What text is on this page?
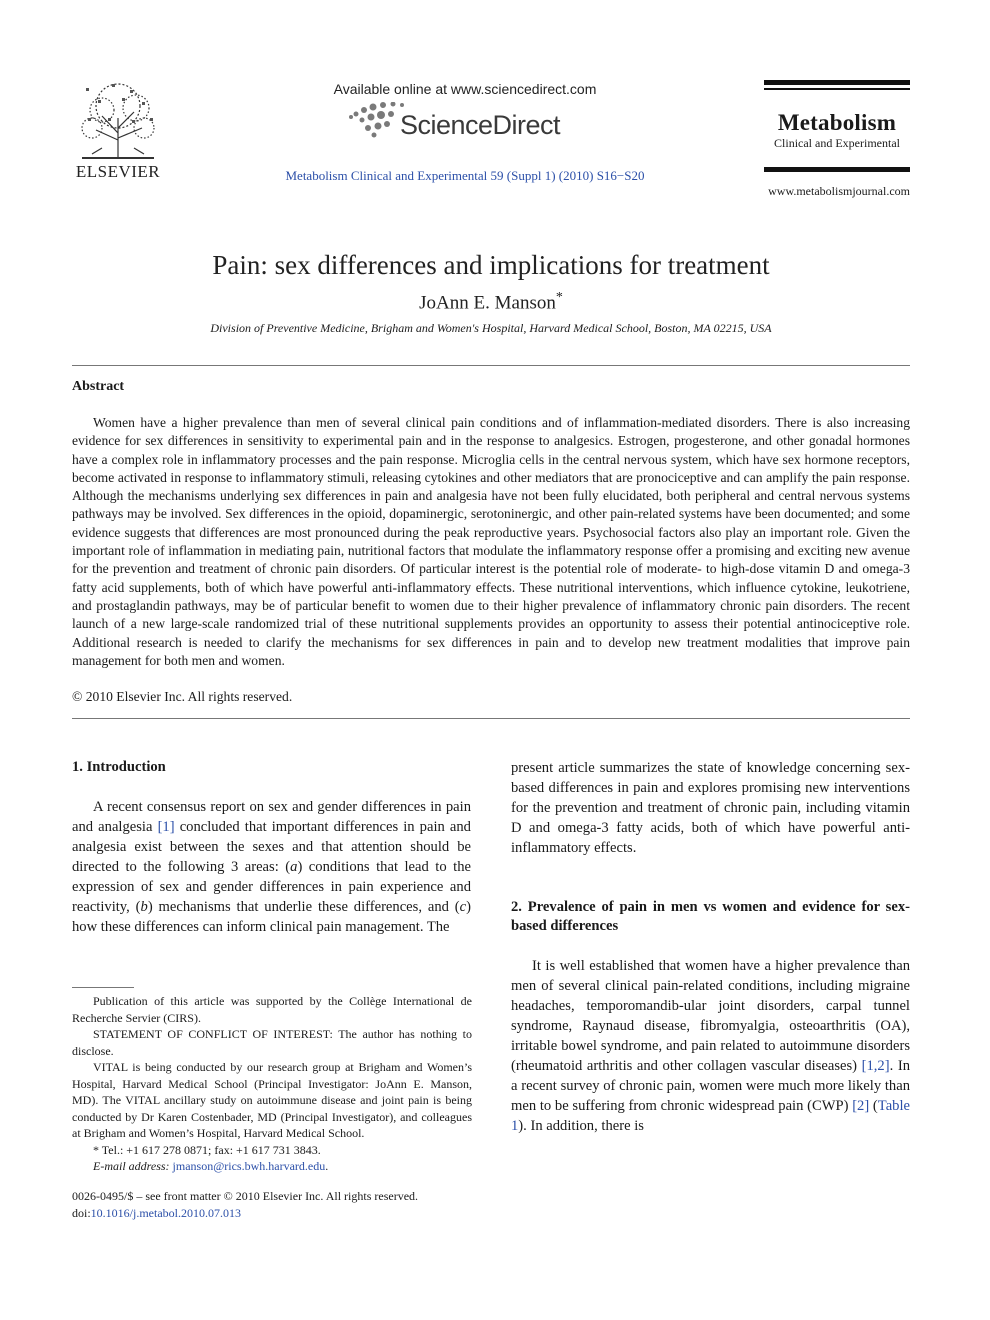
ELSEVIER
Available online at www.sciencedirect.com
ScienceDirect
Metabolism Clinical and Experimental 59 (Suppl 1) (2010) S16−S20
Metabolism
Clinical and Experimental
www.metabolismjournal.com
Pain: sex differences and implications for treatment
JoAnn E. Manson*
Division of Preventive Medicine, Brigham and Women's Hospital, Harvard Medical School, Boston, MA 02215, USA
Abstract
Women have a higher prevalence than men of several clinical pain conditions and of inflammation-mediated disorders. There is also increasing evidence for sex differences in sensitivity to experimental pain and in the response to analgesics. Estrogen, progesterone, and other gonadal hormones have a complex role in inflammatory processes and the pain response. Microglia cells in the central nervous system, which have sex hormone receptors, become activated in response to inflammatory stimuli, releasing cytokines and other mediators that are pronociceptive and can amplify the pain response. Although the mechanisms underlying sex differences in pain and analgesia have not been fully elucidated, both peripheral and central nervous systems pathways may be involved. Sex differences in the opioid, dopaminergic, serotoninergic, and other pain-related systems have been documented; and some evidence suggests that differences are most pronounced during the peak reproductive years. Psychosocial factors also play an important role. Given the important role of inflammation in mediating pain, nutritional factors that modulate the inflammatory response offer a promising and exciting new avenue for the prevention and treatment of chronic pain disorders. Of particular interest is the potential role of moderate- to high-dose vitamin D and omega-3 fatty acid supplements, both of which have powerful anti-inflammatory effects. These nutritional interventions, which influence cytokine, leukotriene, and prostaglandin pathways, may be of particular benefit to women due to their higher prevalence of inflammatory chronic pain disorders. The recent launch of a new large-scale randomized trial of these nutritional supplements provides an opportunity to assess their potential antinociceptive role. Additional research is needed to clarify the mechanisms for sex differences in pain and to develop new treatment modalities that improve pain management for both men and women.
© 2010 Elsevier Inc. All rights reserved.
1. Introduction
A recent consensus report on sex and gender differences in pain and analgesia [1] concluded that important differences in pain and analgesia exist between the sexes and that attention should be directed to the following 3 areas: (a) conditions that lead to the expression of sex and gender differences in pain experience and reactivity, (b) mechanisms that underlie these differences, and (c) how these differences can inform clinical pain management. The

Publication of this article was supported by the Collège International de Recherche Servier (CIRS).

STATEMENT OF CONFLICT OF INTEREST: The author has nothing to disclose.

VITAL is being conducted by our research group at Brigham and Women’s Hospital, Harvard Medical School (Principal Investigator: JoAnn E. Manson, MD). The VITAL ancillary study on autoimmune disease and joint pain is being conducted by Dr Karen Costenbader, MD (Principal Investigator), and colleagues at Brigham and Women’s Hospital, Harvard Medical School.

* Tel.: +1 617 278 0871; fax: +1 617 731 3843.

E-mail address: jmanson@rics.bwh.harvard.edu.

0026-0495/$ – see front matter © 2010 Elsevier Inc. All rights reserved.
doi:10.1016/j.metabol.2010.07.013
present article summarizes the state of knowledge concerning sex-based differences in pain and explores promising new interventions for the prevention and treatment of chronic pain, including vitamin D and omega-3 fatty acids, both of which have powerful anti-inflammatory effects.
2. Prevalence of pain in men vs women and evidence for sex-based differences
It is well established that women have a higher prevalence than men of several clinical pain-related conditions, including migraine headaches, temporomandib-ular joint disorders, carpal tunnel syndrome, Raynaud disease, fibromyalgia, osteoarthritis (OA), irritable bowel syndrome, and pain related to autoimmune disorders (rheumatoid arthritis and other collagen vascular diseases) [1,2]. In a recent survey of chronic pain, women were much more likely than men to be suffering from chronic widespread pain (CWP) [2] (Table 1). In addition, there is
